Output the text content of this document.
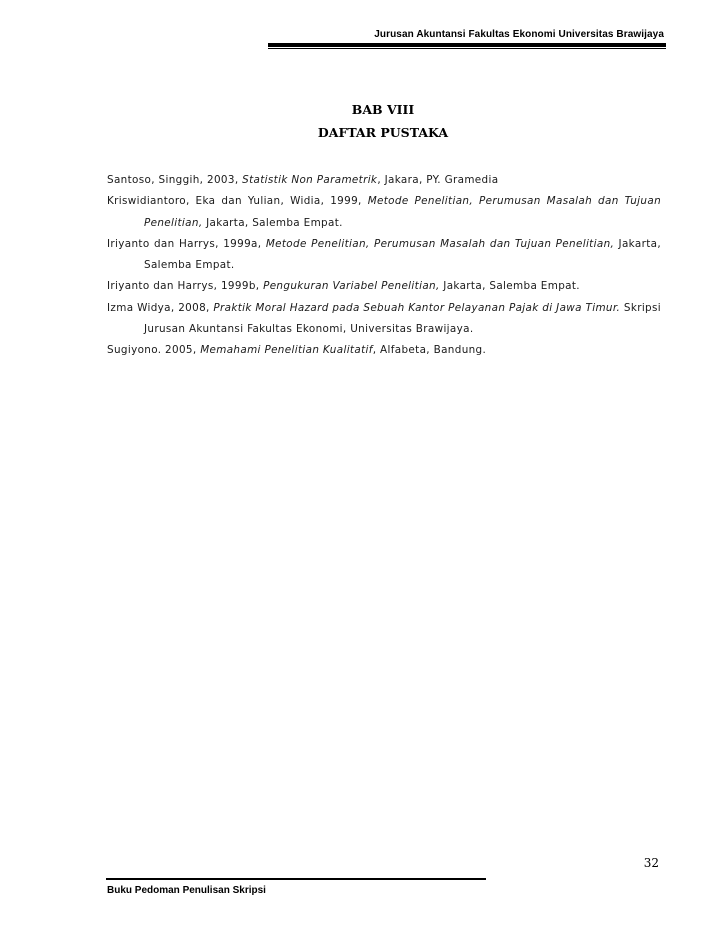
Jurusan Akuntansi Fakultas Ekonomi Universitas Brawijaya
BAB VIII
DAFTAR PUSTAKA

Santoso, Singgih, 2003, Statistik Non Parametrik, Jakara, PY. Gramedia

Kriswidiantoro, Eka dan Yulian, Widia, 1999, Metode Penelitian, Perumusan Masalah dan Tujuan Penelitian, Jakarta, Salemba Empat.

Iriyanto dan Harrys, 1999a, Metode Penelitian, Perumusan Masalah dan Tujuan Penelitian, Jakarta, Salemba Empat.

Iriyanto dan Harrys, 1999b, Pengukuran Variabel Penelitian, Jakarta, Salemba Empat.

Izma Widya, 2008, Praktik Moral Hazard pada Sebuah Kantor Pelayanan Pajak di Jawa Timur. Skripsi Jurusan Akuntansi Fakultas Ekonomi, Universitas Brawijaya.

Sugiyono. 2005, Memahami Penelitian Kualitatif, Alfabeta, Bandung.

32
Buku Pedoman Penulisan Skripsi
